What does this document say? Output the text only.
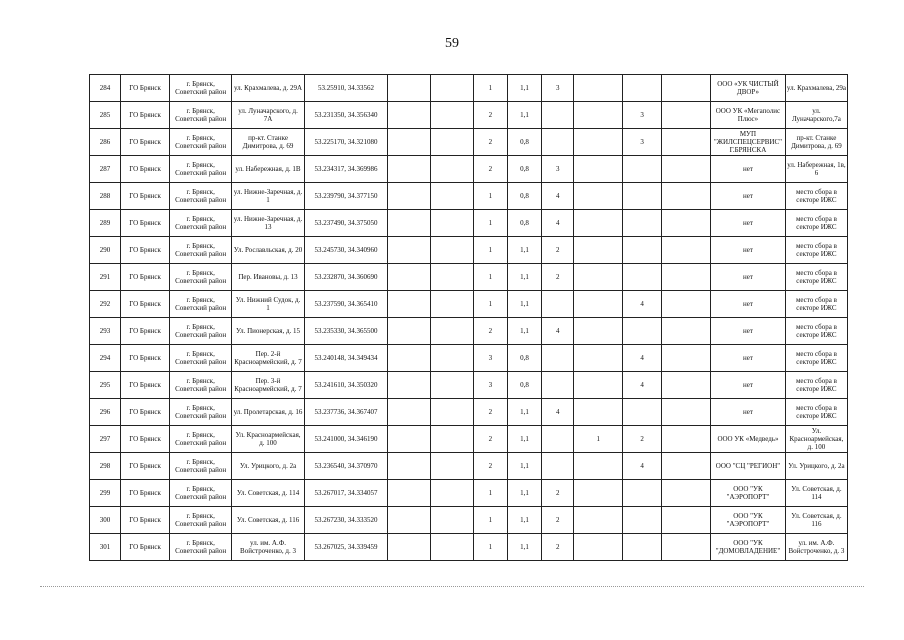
59
284	ГО Брянск	г. Брянск, Советский район	ул. Крахмалева, д. 29А	53.25910, 34.33562			1	1,1	3				ООО «УК ЧИСТЫЙ ДВОР»	ул. Крахмалева, 29а
285	ГО Брянск	г. Брянск, Советский район	ул. Луначарского, д. 7А	53.231350, 34.356340			2	1,1			3		ООО УК «Мегаполис Плюс»	ул. Луначарского,7а
286	ГО Брянск	г. Брянск, Советский район	пр-кт. Станке Димитрова, д. 69	53.225170, 34.321080			2	0,8			3		МУП "ЖИЛСПЕЦСЕРВИС" Г.БРЯНСКА	пр-кт. Станке Димитрова, д. 69
287	ГО Брянск	г. Брянск, Советский район	ул. Набережная, д. 1В	53.234317, 34.369986			2	0,8	3				нет	ул. Набережная, 1в, 6
288	ГО Брянск	г. Брянск, Советский район	ул. Нижне-Заречная, д. 1	53.239790, 34.377150			1	0,8	4				нет	место сбора в секторе ИЖС
289	ГО Брянск	г. Брянск, Советский район	ул. Нижне-Заречная, д. 13	53.237490, 34.375050			1	0,8	4				нет	место сбора в секторе ИЖС
290	ГО Брянск	г. Брянск, Советский район	Ул. Рославльская, д. 20	53.245730, 34.340960			1	1,1	2				нет	место сбора в секторе ИЖС
291	ГО Брянск	г. Брянск, Советский район	Пер. Ивановы, д. 13	53.232870, 34.360690			1	1,1	2				нет	место сбора в секторе ИЖС
292	ГО Брянск	г. Брянск, Советский район	Ул. Нижний Судок, д. 1	53.237590, 34.365410			1	1,1			4		нет	место сбора в секторе ИЖС
293	ГО Брянск	г. Брянск, Советский район	Ул. Пионерская, д. 15	53.235330, 34.365500			2	1,1	4				нет	место сбора в секторе ИЖС
294	ГО Брянск	г. Брянск, Советский район	Пер. 2-й Красноармейский, д. 7	53.240148, 34.349434			3	0,8			4		нет	место сбора в секторе ИЖС
295	ГО Брянск	г. Брянск, Советский район	Пер. 3-й Красноармейский, д. 7	53.241610, 34.350320			3	0,8			4		нет	место сбора в секторе ИЖС
296	ГО Брянск	г. Брянск, Советский район	ул. Пролетарская, д. 16	53.237736, 34.367407			2	1,1	4				нет	место сбора в секторе ИЖС
297	ГО Брянск	г. Брянск, Советский район	Ул. Красноармейская, д. 100	53.241000, 34.346190			2	1,1		1	2		ООО УК «Медведь»	Ул. Красноармейская, д. 100
298	ГО Брянск	г. Брянск, Советский район	Ул. Урицкого, д. 2а	53.236540, 34.370970			2	1,1			4		ООО "СЦ "РЕГИОН"	Ул. Урицкого, д. 2а
299	ГО Брянск	г. Брянск, Советский район	Ул. Советская, д. 114	53.267017, 34.334057			1	1,1	2				ООО "УК "АЭРОПОРТ"	Ул. Советская, д. 114
300	ГО Брянск	г. Брянск, Советский район	Ул. Советская, д. 116	53.267230, 34.333520			1	1,1	2				ООО "УК "АЭРОПОРТ"	Ул. Советская, д. 116
301	ГО Брянск	г. Брянск, Советский район	ул. им. А.Ф. Войстроченко, д. 3	53.267025, 34.339459			1	1,1	2				ООО "УК "ДОМОВЛАДЕНИЕ"	ул. им. А.Ф. Войстроченко, д. 3
